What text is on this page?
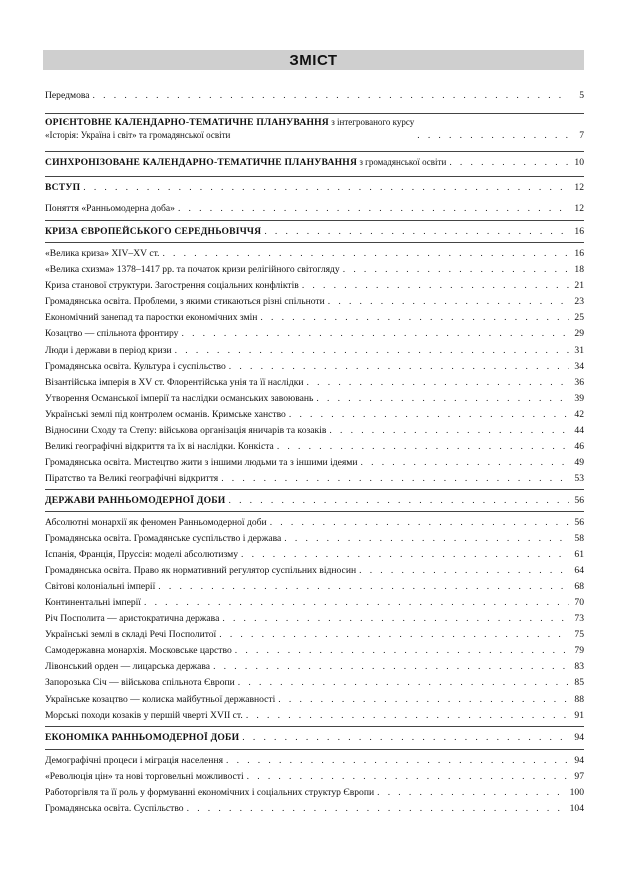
ЗМІСТ
Передмова . . .	5
ОРІЄНТОВНЕ КАЛЕНДАРНО-ТЕМАТИЧНЕ ПЛАНУВАННЯ з інтегрованого курсу
«Історія: Україна і світ» та громадянської освіти . . .	7
СИНХРОНІЗОВАНЕ КАЛЕНДАРНО-ТЕМАТИЧНЕ ПЛАНУВАННЯ з громадянської освіти . . .	10
ВСТУП . . .	12
Поняття «Ранньомодерна доба» . . .	12
КРИЗА ЄВРОПЕЙСЬКОГО СЕРЕДНЬОВІЧЧЯ . . .	16
«Велика криза» XIV–XV ст. . . .	16
«Велика схизма» 1378–1417 рр. та початок кризи релігійного світогляду . . .	18
Криза станової структури. Загострення соціальних конфліктів . . .	21
Громадянська освіта. Проблеми, з якими стикаються різні спільноти . . .	23
Економічний занепад та паростки економічних змін . . .	25
Козацтво — спільнота фронтиру . . .	29
Люди і держави в період кризи . . .	31
Громадянська освіта. Культура і суспільство . . .	34
Візантійська імперія в XV ст. Флорентійська унія та її наслідки . . .	36
Утворення Османської імперії та наслідки османських завоювань . . .	39
Українські землі під контролем османів. Кримське ханство . . .	42
Відносини Сходу та Степу: військова організація яничарів та козаків . . .	44
Великі географічні відкриття та їх ві наслідки. Конкіста . . .	46
Громадянська освіта. Мистецтво жити з іншими людьми та з іншими ідеями . . .	49
Піратство та Великі географічні відкриття . . .	53
ДЕРЖАВИ РАННЬОМОДЕРНОЇ ДОБИ . . .	56
Абсолютні монархії як феномен Ранньомодерної доби . . .	56
Громадянська освіта. Громадянське суспільство і держава . . .	58
Іспанія, Франція, Пруссія: моделі абсолютизму . . .	61
Громадянська освіта. Право як нормативний регулятор суспільних відносин . . .	64
Світові колоніальні імперії . . .	68
Континентальні імперії . . .	70
Річ Посполита — аристократична держава . . .	73
Українські землі в складі Речі Посполитої . . .	75
Самодержавна монархія. Московське царство . . .	79
Лівонський орден — лицарська держава . . .	83
Запорозька Січ — військова спільнота Європи . . .	85
Українське козацтво — колиска майбутньої державності . . .	88
Морські походи козаків у першій чверті XVII ст. . . .	91
ЕКОНОМІКА РАННЬОМОДЕРНОЇ ДОБИ . . .	94
Демографічні процеси і міграція населення . . .	94
«Революція цін» та нові торговельні можливості . . .	97
Работоргівля та її роль у формуванні економічних і соціальних структур Європи . . .	100
Громадянська освіта. Суспільство . . .	104
